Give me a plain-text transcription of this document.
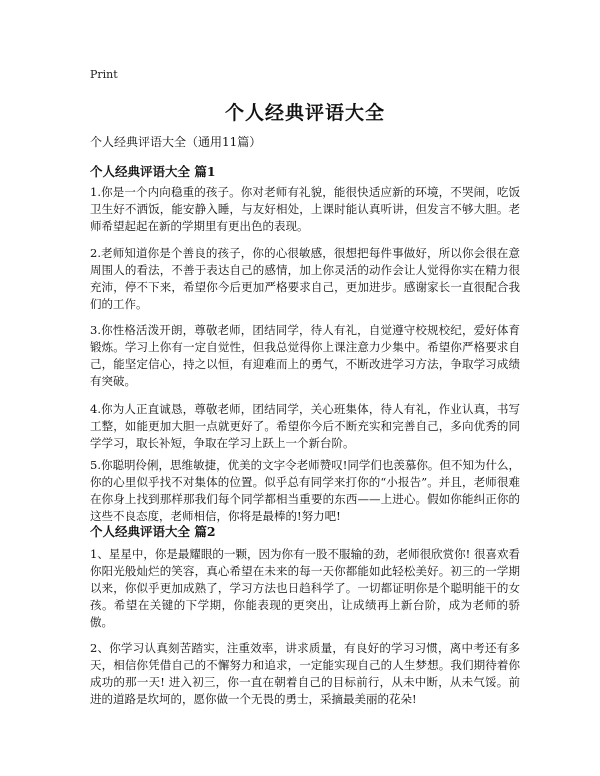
Print
个人经典评语大全
个人经典评语大全（通用11篇）
个人经典评语大全 篇1

1.你是一个内向稳重的孩子。你对老师有礼貌，能很快适应新的环境，不哭闹，吃饭卫生好不洒饭，能安静入睡，与友好相处，上课时能认真听讲，但发言不够大胆。老师希望起起在新的学期里有更出色的表现。

2.老师知道你是个善良的孩子，你的心很敏感，很想把每件事做好，所以你会很在意周围人的看法，不善于表达自己的感情，加上你灵活的动作会让人觉得你实在精力很充沛，停不下来，希望你今后更加严格要求自己，更加进步。感谢家长一直很配合我们的工作。

3.你性格活泼开朗，尊敬老师，团结同学，待人有礼，自觉遵守校规校纪，爱好体育锻炼。学习上你有一定自觉性，但我总觉得你上课注意力少集中。希望你严格要求自己，能坚定信心，持之以恒，有迎难而上的勇气，不断改进学习方法，争取学习成绩有突破。

4.你为人正直诚恳，尊敬老师，团结同学，关心班集体，待人有礼，作业认真，书写工整，如能更加大胆一点就更好了。希望你今后不断充实和完善自己，多向优秀的同学学习，取长补短，争取在学习上跃上一个新台阶。

5.你聪明伶俐，思维敏捷，优美的文字令老师赞叹!同学们也羡慕你。但不知为什么，你的心里似乎找不对集体的位置。似乎总有同学来打你的“小报告”。并且，老师很难在你身上找到那样那我们每个同学都相当重要的东西——上进心。假如你能纠正你的这些不良态度，老师相信，你将是最棒的!努力吧!

个人经典评语大全 篇2

1、星星中，你是最耀眼的一颗，因为你有一股不服输的劲，老师很欣赏你! 很喜欢看你阳光般灿烂的笑容，真心希望在未来的每一天你都能如此轻松美好。初三的一学期以来，你似乎更加成熟了，学习方法也日趋科学了。一切都证明你是个聪明能干的女孩。希望在关键的下学期，你能表现的更突出，让成绩再上新台阶，成为老师的骄傲。

2、你学习认真刻苦踏实，注重效率，讲求质量，有良好的学习习惯，离中考还有多天，相信你凭借自己的不懈努力和追求，一定能实现自己的人生梦想。我们期待着你成功的那一天! 进入初三，你一直在朝着自己的目标前行，从未中断，从未气馁。前进的道路是坎坷的，愿你做一个无畏的勇士，采摘最美丽的花朵!
